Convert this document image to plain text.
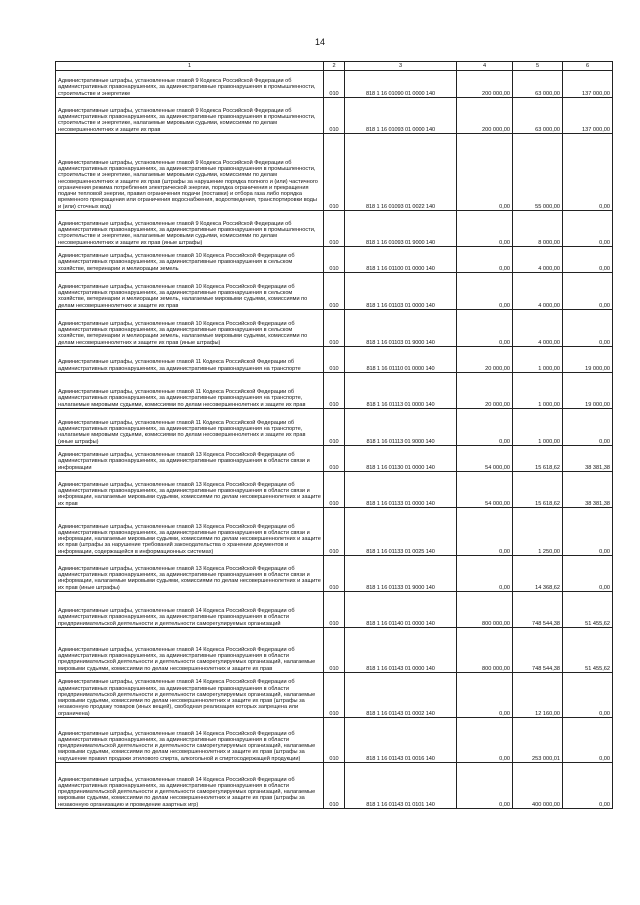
14
1	2	3	4	5	6
Административные штрафы, установленные главой 9 Кодекса Российской Федерации об административных правонарушениях, за административные правонарушения в промышленности, строительстве и энергетике	010	818 1 16 01090 01 0000 140	200 000,00	63 000,00	137 000,00
Административные штрафы, установленные главой 9 Кодекса Российской Федерации об административных правонарушениях, за административные правонарушения в промышленности, строительстве и энергетике, налагаемые мировыми судьями, комиссиями по делам несовершеннолетних и защите их прав	010	818 1 16 01093 01 0000 140	200 000,00	63 000,00	137 000,00
Административные штрафы, установленные главой 9 Кодекса Российской Федерации об административных правонарушениях, за административные правонарушения в промышленности, строительстве и энергетике, налагаемые мировыми судьями, комиссиями по делам несовершеннолетних и защите их прав (штрафы за нарушение порядка полного и (или) частичного ограничения режима потребления электрической энергии, порядка ограничения и прекращения подачи тепловой энергии, правил ограничения подачи (поставки) и отбора газа либо порядка временного прекращения или ограничения водоснабжения, водоотведения, транспортировки воды и (или) сточных вод)	010	818 1 16 01093 01 0022 140	0,00	55 000,00	0,00
Административные штрафы, установленные главой 9 Кодекса Российской Федерации об административных правонарушениях, за административные правонарушения в промышленности, строительстве и энергетике, налагаемые мировыми судьями, комиссиями по делам несовершеннолетних и защите их прав (иные штрафы)	010	818 1 16 01093 01 9000 140	0,00	8 000,00	0,00
Административные штрафы, установленные главой 10 Кодекса Российской Федерации об административных правонарушениях, за административные правонарушения в сельском хозяйстве, ветеринарии и мелиорации земель	010	818 1 16 01100 01 0000 140	0,00	4 000,00	0,00
Административные штрафы, установленные главой 10 Кодекса Российской Федерации об административных правонарушениях, за административные правонарушения в сельском хозяйстве, ветеринарии и мелиорации земель, налагаемые мировыми судьями, комиссиями по делам несовершеннолетних и защите их прав	010	818 1 16 01103 01 0000 140	0,00	4 000,00	0,00
Административные штрафы, установленные главой 10 Кодекса Российской Федерации об административных правонарушениях, за административные правонарушения в сельском хозяйстве, ветеринарии и мелиорации земель, налагаемые мировыми судьями, комиссиями по делам несовершеннолетних и защите их прав (иные штрафы)	010	818 1 16 01103 01 9000 140	0,00	4 000,00	0,00
Административные штрафы, установленные главой 11 Кодекса Российской Федерации об административных правонарушениях, за административные правонарушения на транспорте	010	818 1 16 01110 01 0000 140	20 000,00	1 000,00	19 000,00
Административные штрафы, установленные главой 11 Кодекса Российской Федерации об административных правонарушениях, за административные правонарушения на транспорте, налагаемые мировыми судьями, комиссиями по делам несовершеннолетних и защите их прав	010	818 1 16 01113 01 0000 140	20 000,00	1 000,00	19 000,00
Административные штрафы, установленные главой 11 Кодекса Российской Федерации об административных правонарушениях, за административные правонарушения на транспорте, налагаемые мировыми судьями, комиссиями по делам несовершеннолетних и защите их прав (иные штрафы)	010	818 1 16 01113 01 9000 140	0,00	1 000,00	0,00
Административные штрафы, установленные главой 13 Кодекса Российской Федерации об административных правонарушениях, за административные правонарушения в области связи и информации	010	818 1 16 01130 01 0000 140	54 000,00	15 618,62	38 381,38
Административные штрафы, установленные главой 13 Кодекса Российской Федерации об административных правонарушениях, за административные правонарушения в области связи и информации, налагаемые мировыми судьями, комиссиями по делам несовершеннолетних и защите их прав	010	818 1 16 01133 01 0000 140	54 000,00	15 618,62	38 381,38
Административные штрафы, установленные главой 13 Кодекса Российской Федерации об административных правонарушениях, за административные правонарушения в области связи и информации, налагаемые мировыми судьями, комиссиями по делам несовершеннолетних и защите их прав (штрафы за нарушение требований законодательства о хранении документов и информации, содержащейся в информационных системах)	010	818 1 16 01133 01 0025 140	0,00	1 250,00	0,00
Административные штрафы, установленные главой 13 Кодекса Российской Федерации об административных правонарушениях, за административные правонарушения в области связи и информации, налагаемые мировыми судьями, комиссиями по делам несовершеннолетних и защите их прав (иные штрафы)	010	818 1 16 01133 01 9000 140	0,00	14 368,62	0,00
Административные штрафы, установленные главой 14 Кодекса Российской Федерации об административных правонарушениях, за административные правонарушения в области предпринимательской деятельности и деятельности саморегулируемых организаций	010	818 1 16 01140 01 0000 140	800 000,00	748 544,38	51 455,62
Административные штрафы, установленные главой 14 Кодекса Российской Федерации об административных правонарушениях, за административные правонарушения в области предпринимательской деятельности и деятельности саморегулируемых организаций, налагаемые мировыми судьями, комиссиями по делам несовершеннолетних и защите их прав	010	818 1 16 01143 01 0000 140	800 000,00	748 544,38	51 455,62
Административные штрафы, установленные главой 14 Кодекса Российской Федерации об административных правонарушениях, за административные правонарушения в области предпринимательской деятельности и деятельности саморегулируемых организаций, налагаемые мировыми судьями, комиссиями по делам несовершеннолетних и защите их прав (штрафы за незаконную продажу товаров (иных вещей), свободная реализация которых запрещена или ограничена)	010	818 1 16 01143 01 0002 140	0,00	12 160,00	0,00
Административные штрафы, установленные главой 14 Кодекса Российской Федерации об административных правонарушениях, за административные правонарушения в области предпринимательской деятельности и деятельности саморегулируемых организаций, налагаемые мировыми судьями, комиссиями по делам несовершеннолетних и защите их прав (штрафы за нарушение правил продажи этилового спирта, алкогольной и спиртосодержащей продукции)	010	818 1 16 01143 01 0016 140	0,00	253 000,01	0,00
Административные штрафы, установленные главой 14 Кодекса Российской Федерации об административных правонарушениях, за административные правонарушения в области предпринимательской деятельности и деятельности саморегулируемых организаций, налагаемые мировыми судьями, комиссиями по делам несовершеннолетних и защите их прав (штрафы за незаконную организацию и проведение азартных игр)	010	818 1 16 01143 01 0101 140	0,00	400 000,00	0,00
